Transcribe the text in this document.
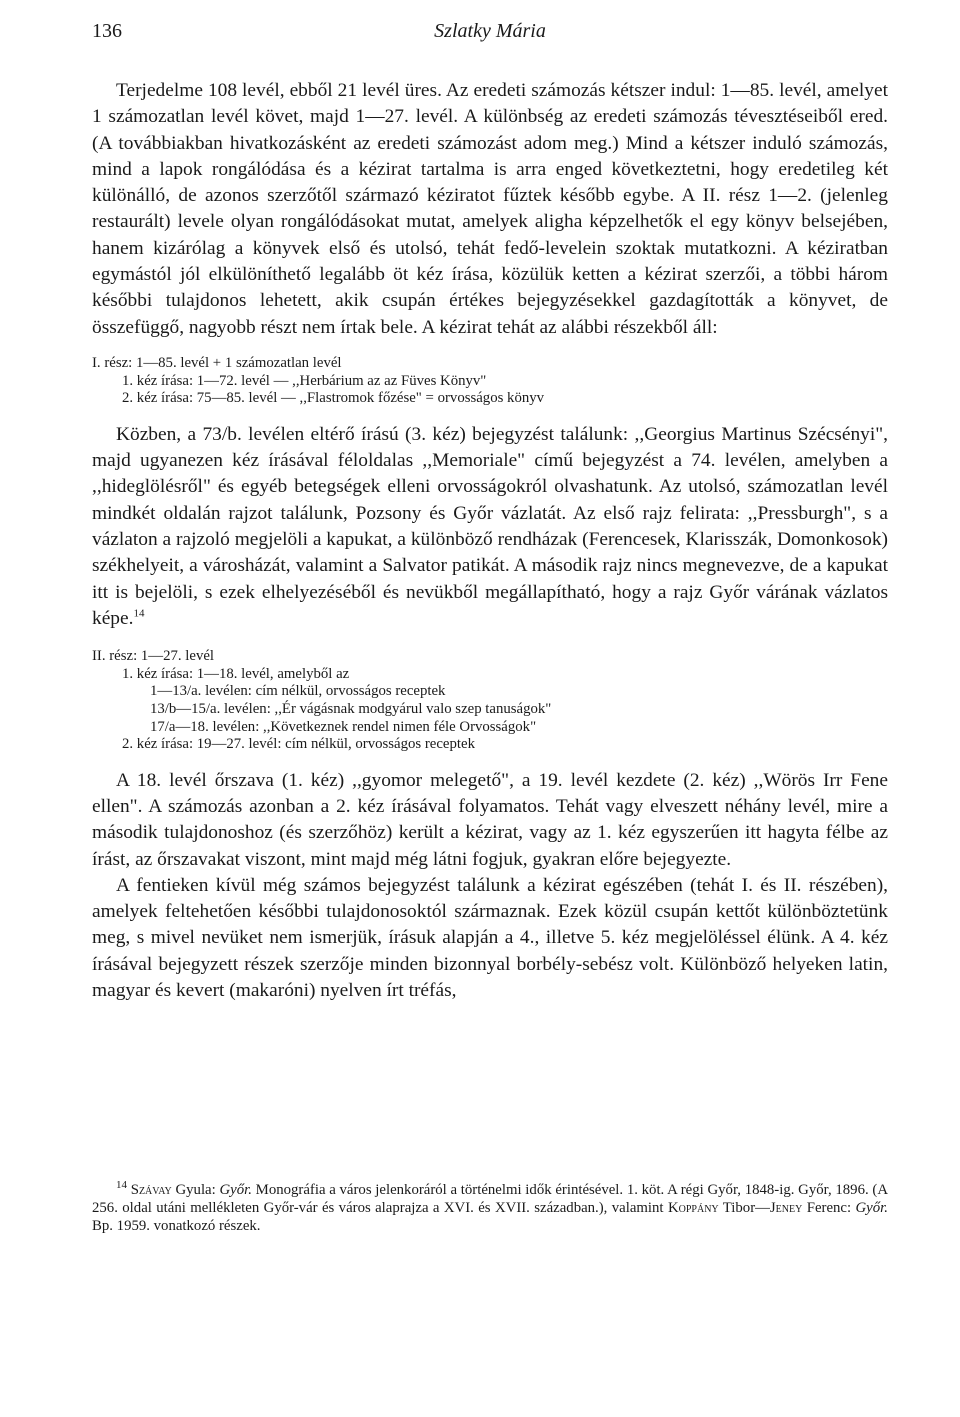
136	Szlatky Mária

Terjedelme 108 levél, ebből 21 levél üres. Az eredeti számozás kétszer indul: 1—85. levél, amelyet 1 számozatlan levél követ, majd 1—27. levél. A különbség az eredeti számozás tévesztéseiből ered. (A továbbiakban hivatkozásként az eredeti számozást adom meg.) Mind a kétszer induló számozás, mind a lapok rongálódása és a kézirat tartalma is arra enged következtetni, hogy eredetileg két különálló, de azonos szerzőtől származó kéziratot fűztek később egybe. A II. rész 1—2. (jelenleg restaurált) levele olyan rongálódásokat mutat, amelyek aligha képzelhetők el egy könyv belsejében, hanem kizárólag a könyvek első és utolsó, tehát fedő-levelein szoktak mutatkozni. A kéziratban egymástól jól elkülöníthető legalább öt kéz írása, közülük ketten a kézirat szerzői, a többi három későbbi tulajdonos lehetett, akik csupán értékes bejegyzésekkel gazdagították a könyvet, de összefüggő, nagyobb részt nem írtak bele. A kézirat tehát az alábbi részekből áll:

I. rész: 1—85. levél + 1 számozatlan levél
1. kéz írása: 1—72. levél — ,,Herbárium az az Füves Könyv"
2. kéz írása: 75—85. levél — ,,Flastromok főzése" = orvosságos könyv

Közben, a 73/b. levélen eltérő írású (3. kéz) bejegyzést találunk: ,,Georgius Martinus Szécsényi", majd ugyanezen kéz írásával féloldalas ,,Memoriale" című bejegyzést a 74. levélen, amelyben a ,,hideglölésről" és egyéb betegségek elleni orvosságokról olvashatunk. Az utolsó, számozatlan levél mindkét oldalán rajzot találunk, Pozsony és Győr vázlatát. Az első rajz felirata: ,,Pressburgh", s a vázlaton a rajzoló megjelöli a kapukat, a különböző rendházak (Ferencesek, Klarisszák, Domonkosok) székhelyeit, a városházát, valamint a Salvator patikát. A második rajz nincs megnevezve, de a kapukat itt is bejelöli, s ezek elhelyezéséből és nevükből megállapítható, hogy a rajz Győr várának vázlatos képe.$^{14}$

II. rész: 1—27. levél
1. kéz írása: 1—18. levél, amelyből az
1—13/a. levélen: cím nélkül, orvosságos receptek
13/b—15/a. levélen: ,,Ér vágásnak modgyárul valo szep tanuságok"
17/a—18. levélen: ,,Következnek rendel nimen féle Orvosságok"
2. kéz írása: 19—27. levél: cím nélkül, orvosságos receptek

A 18. levél őrszava (1. kéz) ,,gyomor melegető", a 19. levél kezdete (2. kéz) ,,Wörös Irr Fene ellen". A számozás azonban a 2. kéz írásával folyamatos. Tehát vagy elveszett néhány levél, mire a második tulajdonoshoz (és szerzőhöz) került a kézirat, vagy az 1. kéz egyszerűen itt hagyta félbe az írást, az őrszavakat viszont, mint majd még látni fogjuk, gyakran előre bejegyezte.

A fentieken kívül még számos bejegyzést találunk a kézirat egészében (tehát I. és II. részében), amelyek feltehetően későbbi tulajdonosoktól származnak. Ezek közül csupán kettőt különböztetünk meg, s mivel nevüket nem ismerjük, írásuk alapján a 4., illetve 5. kéz megjelöléssel élünk. A 4. kéz írásával bejegyzett részek szerzője minden bizonnyal borbély-sebész volt. Különböző helyeken latin, magyar és kevert (makaróni) nyelven írt tréfás,

$^{14}$ Szávay Gyula: Győr. Monográfia a város jelenkoráról a történelmi idők érintésével. 1. köt. A régi Győr, 1848-ig. Győr, 1896. (A 256. oldal utáni mellékleten Győr-vár és város alaprajza a XVI. és XVII. században.), valamint Koppány Tibor—Jeney Ferenc: Győr. Bp. 1959. vonatkozó részek.
